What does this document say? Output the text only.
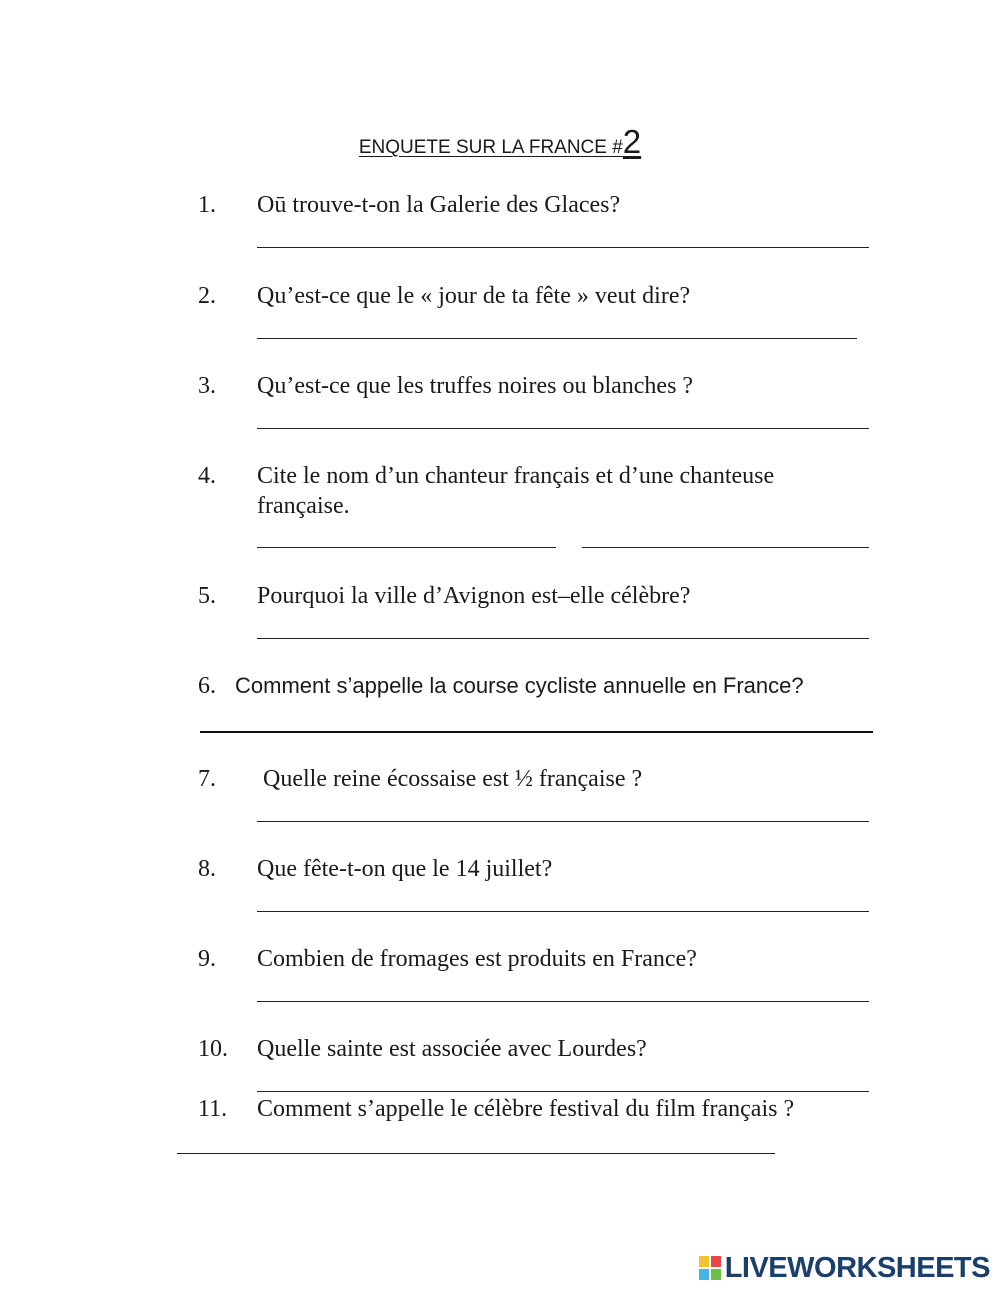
ENQUETE SUR LA FRANCE #2
1. Oū trouve-t-on la Galerie des Glaces?
2. Qu’est-ce que le « jour de ta fête » veut dire?
3. Qu’est-ce que les truffes noires ou blanches ?
4. Cite le nom d’un chanteur français et d’une chanteuse
française.
5. Pourquoi la ville d’Avignon est–elle célèbre?
6. Comment s’appelle la course cycliste annuelle en France?
7. Quelle reine écossaise est ½ française ?
8. Que fête-t-on que le 14 juillet?
9. Combien de fromages est produits en France?
10. Quelle sainte est associée avec Lourdes?
11. Comment s’appelle le célèbre festival du film français ?
LIVEWORKSHEETS
